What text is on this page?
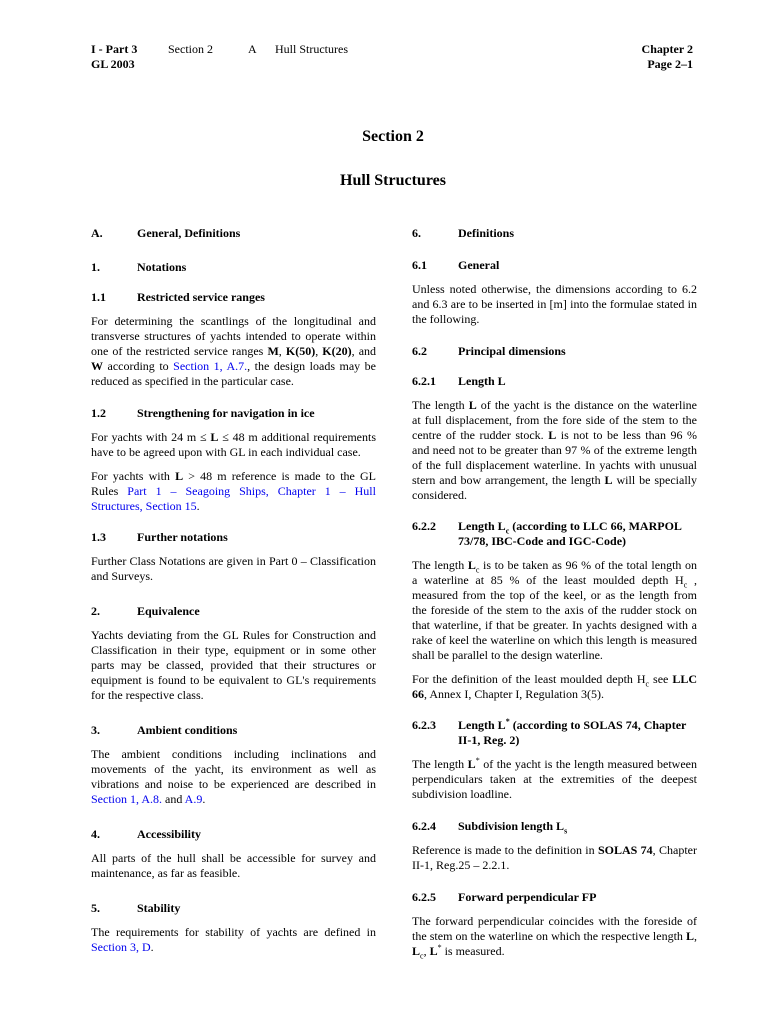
I - Part 3	Section 2	A Hull Structures
GL 2003
Chapter 2
Page 2–1
Section 2
Hull Structures
A.	General, Definitions
1.	Notations
1.1	Restricted service ranges

For determining the scantlings of the longitudinal and transverse structures of yachts intended to operate within one of the restricted service ranges M, K(50), K(20), and W according to Section 1, A.7., the design loads may be reduced as specified in the particular case.

1.2	Strengthening for navigation in ice

For yachts with 24 m ≤ L ≤ 48 m additional requirements have to be agreed upon with GL in each individual case.

For yachts with L > 48 m reference is made to the GL Rules Part 1 – Seagoing Ships, Chapter 1 – Hull Structures, Section 15.

1.3	Further notations

Further Class Notations are given in Part 0 – Classification and Surveys.

2.	Equivalence

Yachts deviating from the GL Rules for Construction and Classification in their type, equipment or in some other parts may be classed, provided that their structures or equipment is found to be equivalent to GL's requirements for the respective class.

3.	Ambient conditions

The ambient conditions including inclinations and movements of the yacht, its environment as well as vibrations and noise to be experienced are described in Section 1, A.8. and A.9.

4.	Accessibility

All parts of the hull shall be accessible for survey and maintenance, as far as feasible.

5.	Stability

The requirements for stability of yachts are defined in Section 3, D.

6.	Definitions
6.1	General

Unless noted otherwise, the dimensions according to 6.2 and 6.3 are to be inserted in [m] into the formulae stated in the following.

6.2	Principal dimensions
6.2.1	Length L

The length L of the yacht is the distance on the waterline at full displacement, from the fore side of the stem to the centre of the rudder stock. L is not to be less than 96 % and need not to be greater than 97 % of the extreme length of the full displacement waterline. In yachts with unusual stern and bow arrangement, the length L will be specially considered.

6.2.2	Length $L_c$ (according to LLC 66, MARPOL 73/78, IBC-Code and IGC-Code)

The length $L_c$ is to be taken as 96 % of the total length on a waterline at 85 % of the least moulded depth $H_c$ , measured from the top of the keel, or as the length from the foreside of the stem to the axis of the rudder stock on that waterline, if that be greater. In yachts designed with a rake of keel the waterline on which this length is measured shall be parallel to the design waterline.

For the definition of the least moulded depth $H_c$ see LLC 66, Annex I, Chapter I, Regulation 3(5).

6.2.3	Length L* (according to SOLAS 74, Chapter II-1, Reg. 2)

The length L* of the yacht is the length measured between perpendiculars taken at the extremities of the deepest subdivision loadline.

6.2.4	Subdivision length $L_s$

Reference is made to the definition in SOLAS 74, Chapter II-1, Reg.25 – 2.2.1.

6.2.5	Forward perpendicular FP

The forward perpendicular coincides with the foreside of the stem on the waterline on which the respective length L, $L_c$, L* is measured.
